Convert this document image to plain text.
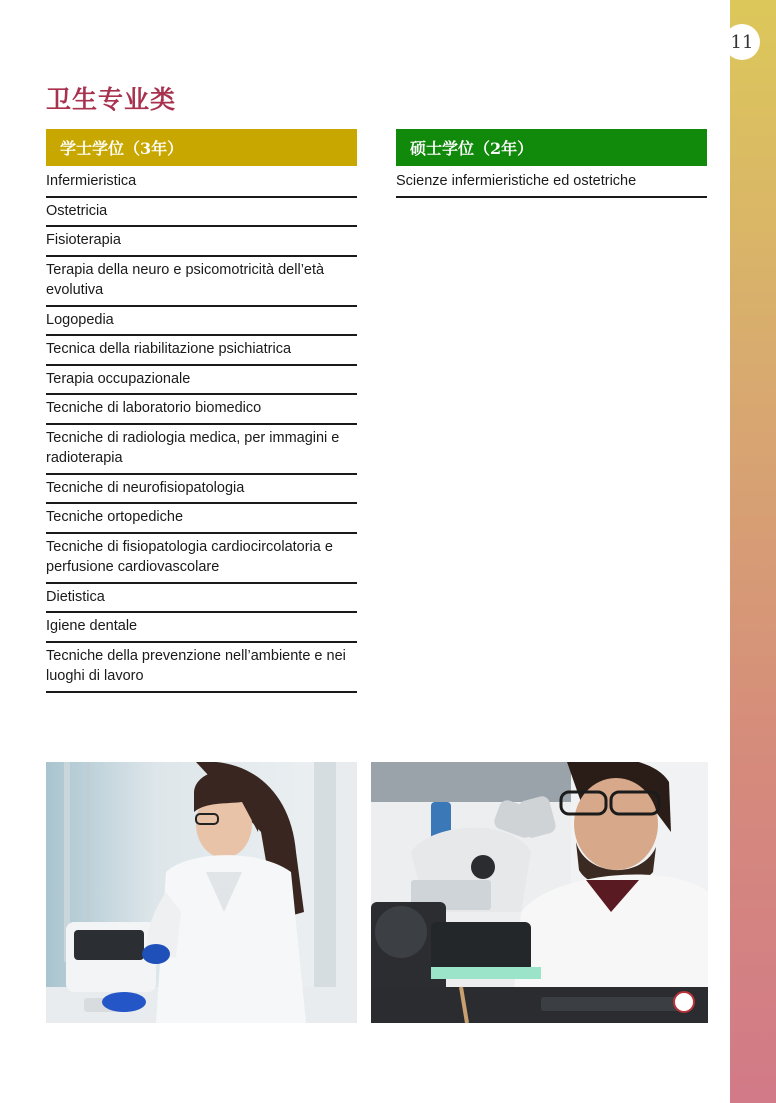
11
卫生专业类
学士学位（3年）
Infermieristica
Ostetricia
Fisioterapia
Terapia della neuro e psicomotricità dell’età evolutiva
Logopedia
Tecnica della riabilitazione psichiatrica
Terapia occupazionale
Tecniche di laboratorio biomedico
Tecniche di radiologia medica, per immagini e radioterapia
Tecniche di neurofisiopatologia
Tecniche ortopediche
Tecniche di fisiopatologia cardiocircolatoria e perfusione cardiovascolare
Dietistica
Igiene dentale
Tecniche della prevenzione nell’ambiente e nei luoghi di lavoro
硕士学位（2年）
Scienze infermieristiche ed ostetriche
